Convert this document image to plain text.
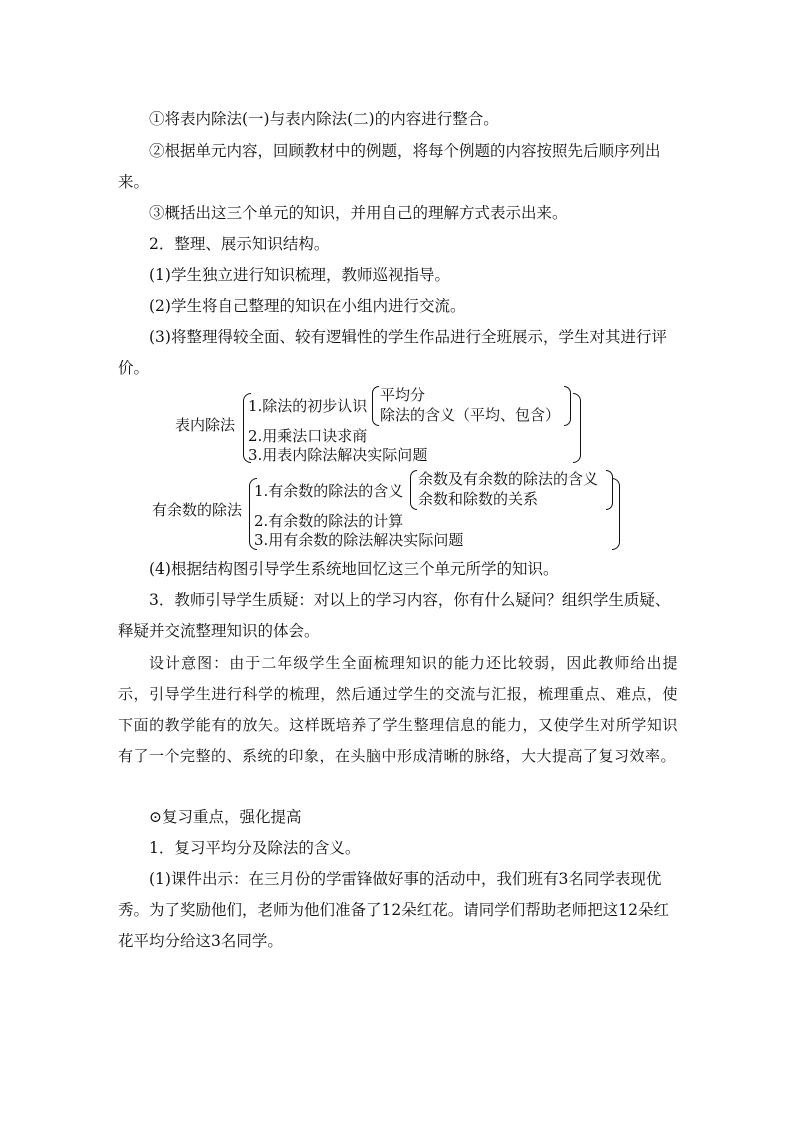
①将表内除法(一)与表内除法(二)的内容进行整合。

②根据单元内容，回顾教材中的例题，将每个例题的内容按照先后顺序列出来。

③概括出这三个单元的知识，并用自己的理解方式表示出来。

2．整理、展示知识结构。

(1)学生独立进行知识梳理，教师巡视指导。

(2)学生将自己整理的知识在小组内进行交流。

(3)将整理得较全面、较有逻辑性的学生作品进行全班展示，学生对其进行评价。

表内除法
1.除法的初步认识
平均分
除法的含义（平均、包含）
2.用乘法口诀求商
3.用表内除法解决实际问题
有余数的除法
1.有余数的除法的含义
余数及有余数的除法的含义
余数和除数的关系
2.有余数的除法的计算
3.用有余数的除法解决实际问题

(4)根据结构图引导学生系统地回忆这三个单元所学的知识。

3．教师引导学生质疑：对以上的学习内容，你有什么疑问？组织学生质疑、释疑并交流整理知识的体会。

设计意图：由于二年级学生全面梳理知识的能力还比较弱，因此教师给出提示，引导学生进行科学的梳理，然后通过学生的交流与汇报，梳理重点、难点，使下面的教学能有的放矢。这样既培养了学生整理信息的能力，又使学生对所学知识有了一个完整的、系统的印象，在头脑中形成清晰的脉络，大大提高了复习效率。

⊙复习重点，强化提高

1．复习平均分及除法的含义。

(1)课件出示：在三月份的学雷锋做好事的活动中，我们班有3名同学表现优秀。为了奖励他们，老师为他们准备了12朵红花。请同学们帮助老师把这12朵红花平均分给这3名同学。
